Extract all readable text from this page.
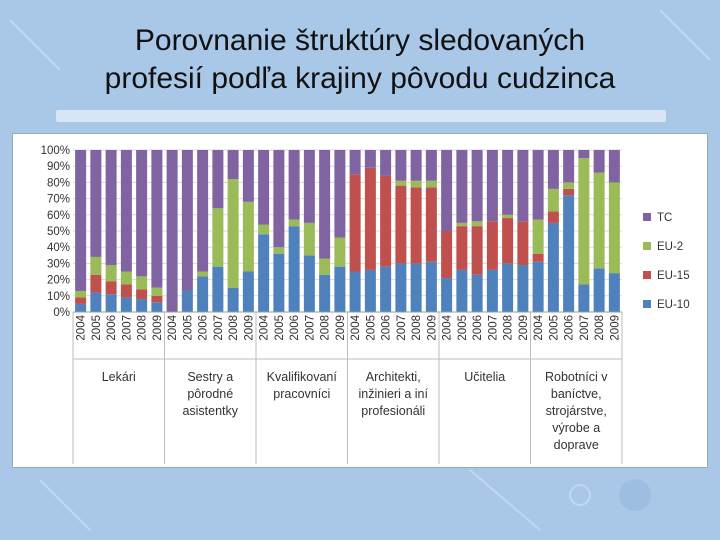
Porovnanie štruktúry sledovaných
profesií podľa krajiny pôvodu cudzinca
0%
10%
20%
30%
40%
50%
60%
70%
80%
90%
100%
2004 2005 2006 2007 2008 2009 2004 2005 2006 2007 2008 2009 2004 2005 2006 2007 2008 2009 2004 2005 2006 2007 2008 2009 2004 2005 2006 2007 2008 2009 2004 2005 2006 2007 2008 2009
Lekári	Sestry a
pôrodné
asistentky
Kvalifikovaní
pracovníci
Architekti,
inžinieri a iní
profesionáli
Učitelia	Robotníci v
baníctve,
strojárstve,
výrobe a
doprave
TC
EU-2
EU-15
EU-10
